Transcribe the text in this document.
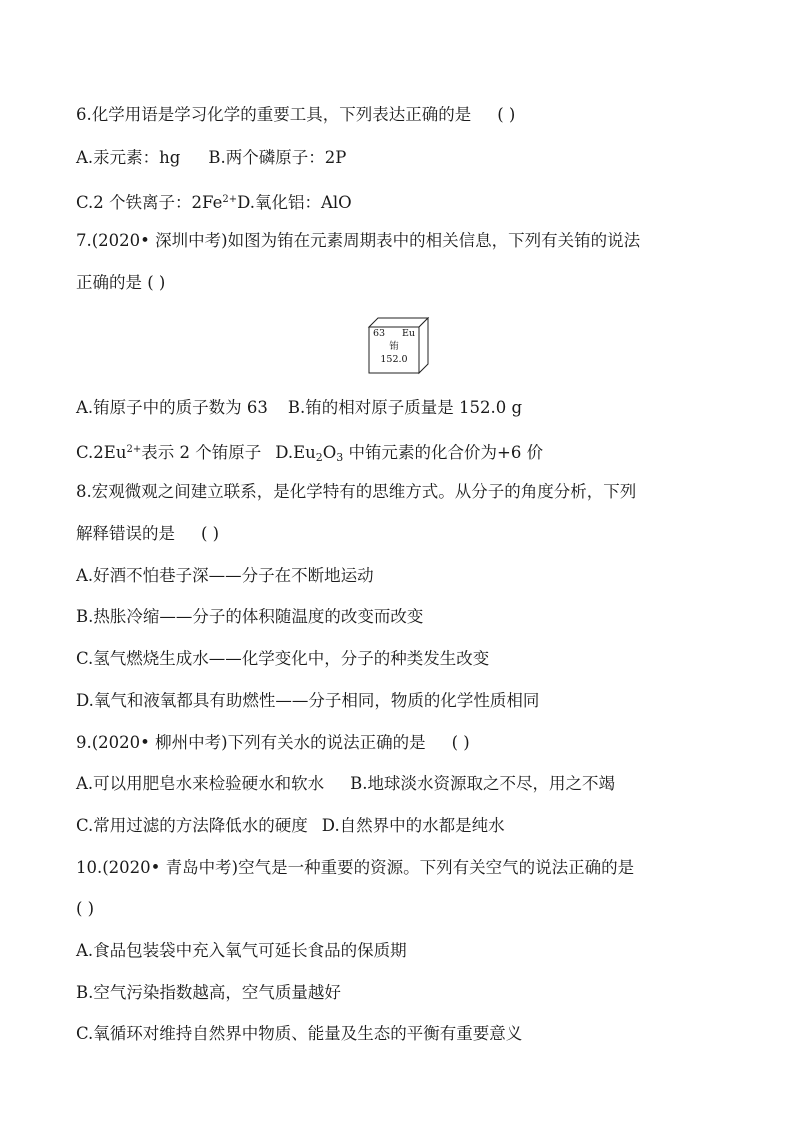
6.化学用语是学习化学的重要工具，下列表达正确的是 ( )
A.汞元素：hg B.两个磷原子：2P
C.2 个铁离子：$2Fe^{2+}D$.氧化铝：AlO
7.(2020• 深圳中考)如图为铕在元素周期表中的相关信息，下列有关铕的说法
正确的是 ( )
63 Eu
铕
152.0
A.铕原子中的质子数为 63 B.铕的相对原子质量是 152.0 g
$C.2Eu^{2+}$表示 2 个铕原子 $D.Eu_2O_3$ 中铕元素的化合价为+6 价
8.宏观微观之间建立联系，是化学特有的思维方式。从分子的角度分析，下列
解释错误的是 ( )
A.好酒不怕巷子深——分子在不断地运动
B.热胀冷缩——分子的体积随温度的改变而改变
C.氢气燃烧生成水——化学变化中，分子的种类发生改变
D.氧气和液氧都具有助燃性——分子相同，物质的化学性质相同
9.(2020• 柳州中考)下列有关水的说法正确的是 ( )
A.可以用肥皂水来检验硬水和软水 B.地球淡水资源取之不尽，用之不竭
C.常用过滤的方法降低水的硬度 D.自然界中的水都是纯水
10.(2020• 青岛中考)空气是一种重要的资源。下列有关空气的说法正确的是
( )
A.食品包装袋中充入氧气可延长食品的保质期
B.空气污染指数越高，空气质量越好
C.氧循环对维持自然界中物质、能量及生态的平衡有重要意义
